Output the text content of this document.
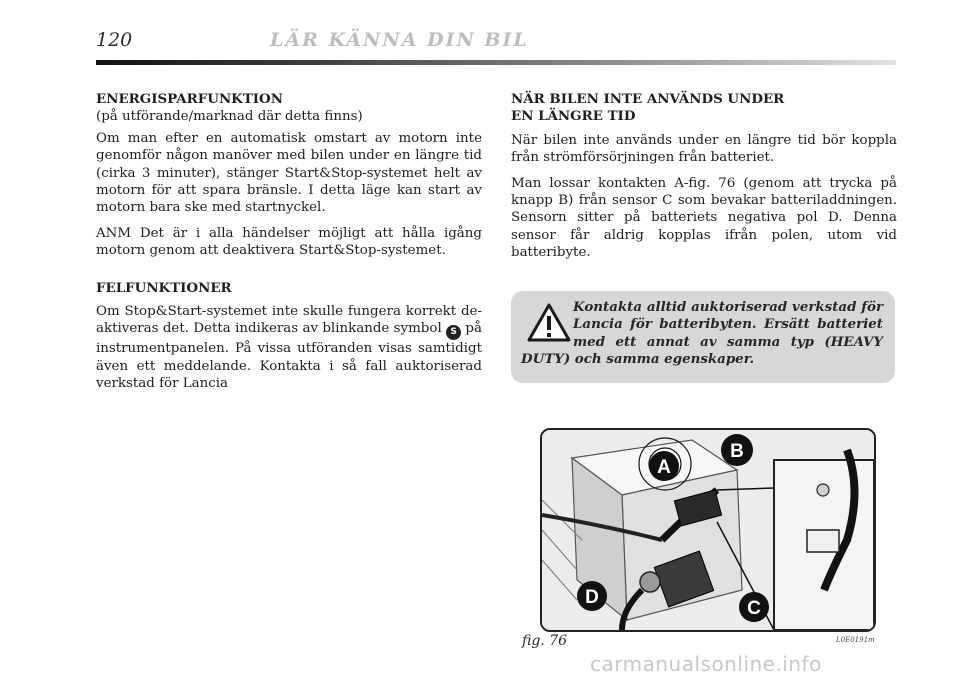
120	LÄR KÄNNA DIN BIL
ENERGISPARFUNKTION

(på utförande/marknad där detta finns)

Om man efter en automatisk omstart av motorn inte genomför någon manöver med bilen under en längre tid (cirka 3 minuter), stänger Start&Stop-systemet helt av motorn för att spara bränsle. I detta läge kan start av motorn bara ske med startnyckel.

ANM Det är i alla händelser möjligt att hålla igång motorn genom att deaktivera Start&Stop-systemet.

FELFUNKTIONER

Om Stop&Start-systemet inte skulle fungera korrekt de-aktiveras det. Detta indikeras av blinkande symbol S på instrumentpanelen. På vissa utföranden visas samtidigt även ett meddelande. Kontakta i så fall auktoriserad verkstad för Lancia

NÄR BILEN INTE ANVÄNDS UNDER
EN LÄNGRE TID

När bilen inte används under en längre tid bör koppla från strömförsörjningen från batteriet.

Man lossar kontakten A-fig. 76 (genom att trycka på knapp B) från sensor C som bevakar batteriladdningen. Sensorn sitter på batteriets negativa pol D. Denna sensor får aldrig kopplas ifrån polen, utom vid batteribyte.

Kontakta alltid auktoriserad verkstad för Lancia för batteribyten. Ersätt batteriet med ett annat av samma typ (HEAVY DUTY) och samma egenskaper.
B
A
C
D
fig. 76	L0E0191m
carmanualsonline.info
